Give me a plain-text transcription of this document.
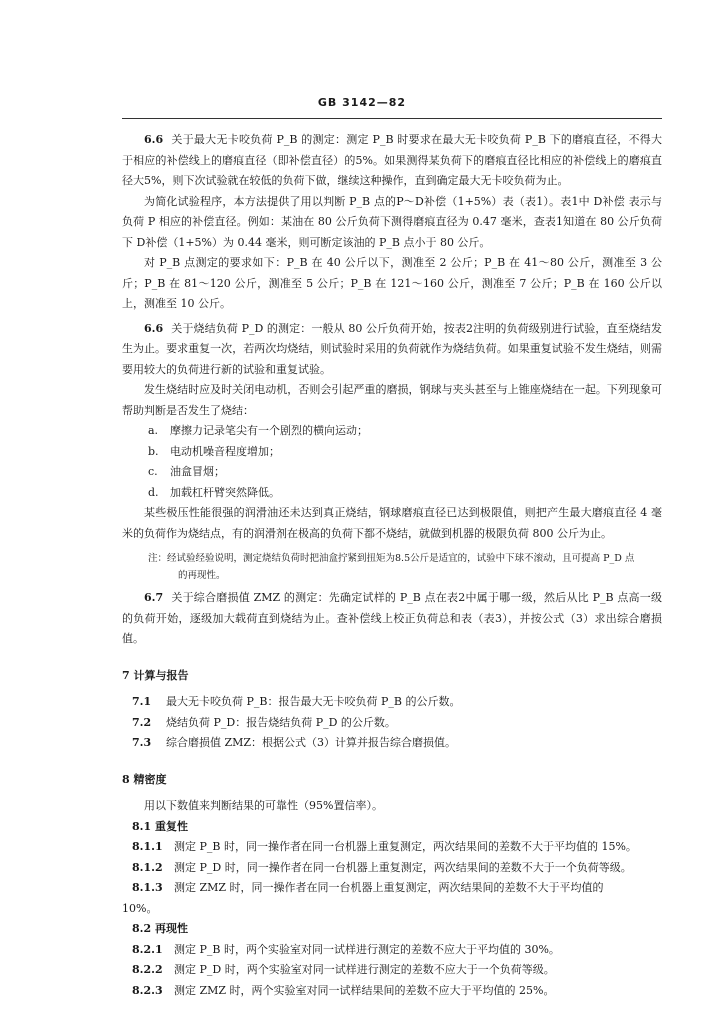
GB 3142—82

6.6 关于最大无卡咬负荷 P_B 的测定：测定 P_B 时要求在最大无卡咬负荷 P_B 下的磨痕直径，不得大于相应的补偿线上的磨痕直径（即补偿直径）的5%。如果测得某负荷下的磨痕直径比相应的补偿线上的磨痕直径大5%，则下次试验就在较低的负荷下做，继续这种操作，直到确定最大无卡咬负荷为止。

为简化试验程序，本方法提供了用以判断 P_B 点的P～D补偿（1+5%）表（表1）。表1中 D补偿 表示与负荷 P 相应的补偿直径。例如：某油在 80 公斤负荷下测得磨痕直径为 0.47 毫米，查表1知道在 80 公斤负荷下 D补偿（1+5%）为 0.44 毫米，则可断定该油的 P_B 点小于 80 公斤。

对 P_B 点测定的要求如下：P_B 在 40 公斤以下，测准至 2 公斤；P_B 在 41～80 公斤，测准至 3 公斤；P_B 在 81～120 公斤，测准至 5 公斤；P_B 在 121～160 公斤，测准至 7 公斤；P_B 在 160 公斤以上，测准至 10 公斤。

6.6 关于烧结负荷 P_D 的测定：一般从 80 公斤负荷开始，按表2注明的负荷级别进行试验，直至烧结发生为止。要求重复一次，若两次均烧结，则试验时采用的负荷就作为烧结负荷。如果重复试验不发生烧结，则需要用较大的负荷进行新的试验和重复试验。

发生烧结时应及时关闭电动机，否则会引起严重的磨损，钢球与夹头甚至与上锥座烧结在一起。下列现象可帮助判断是否发生了烧结：

a. 摩擦力记录笔尖有一个剧烈的横向运动；
b. 电动机噪音程度增加；
c. 油盒冒烟；
d. 加载杠杆臂突然降低。

某些极压性能很强的润滑油还未达到真正烧结，钢球磨痕直径已达到极限值，则把产生最大磨痕直径 4 毫米的负荷作为烧结点，有的润滑剂在极高的负荷下都不烧结，就做到机器的极限负荷 800 公斤为止。

注：经试验经验说明，测定烧结负荷时把油盒拧紧到扭矩为8.5公斤是适宜的，试验中下球不滚动，且可提高 P_D 点
的再现性。

6.7 关于综合磨损值 ZMZ 的测定：先确定试样的 P_B 点在表2中属于哪一级，然后从比 P_B 点高一级的负荷开始，逐级加大载荷直到烧结为止。查补偿线上校正负荷总和表（表3），并按公式（3）求出综合磨损值。

7 计算与报告
7.1 最大无卡咬负荷 P_B：报告最大无卡咬负荷 P_B 的公斤数。
7.2 烧结负荷 P_D：报告烧结负荷 P_D 的公斤数。
7.3 综合磨损值 ZMZ：根据公式（3）计算并报告综合磨损值。
8 精密度

用以下数值来判断结果的可靠性（95%置信率）。

8.1 重复性
8.1.1 测定 P_B 时，同一操作者在同一台机器上重复测定，两次结果间的差数不大于平均值的 15%。
8.1.2 测定 P_D 时，同一操作者在同一台机器上重复测定，两次结果间的差数不大于一个负荷等级。
8.1.3 测定 ZMZ 时，同一操作者在同一台机器上重复测定，两次结果间的差数不大于平均值的
10%。
8.2 再现性
8.2.1 测定 P_B 时，两个实验室对同一试样进行测定的差数不应大于平均值的 30%。
8.2.2 测定 P_D 时，两个实验室对同一试样进行测定的差数不应大于一个负荷等级。
8.2.3 测定 ZMZ 时，两个实验室对同一试样结果间的差数不应大于平均值的 25%。
